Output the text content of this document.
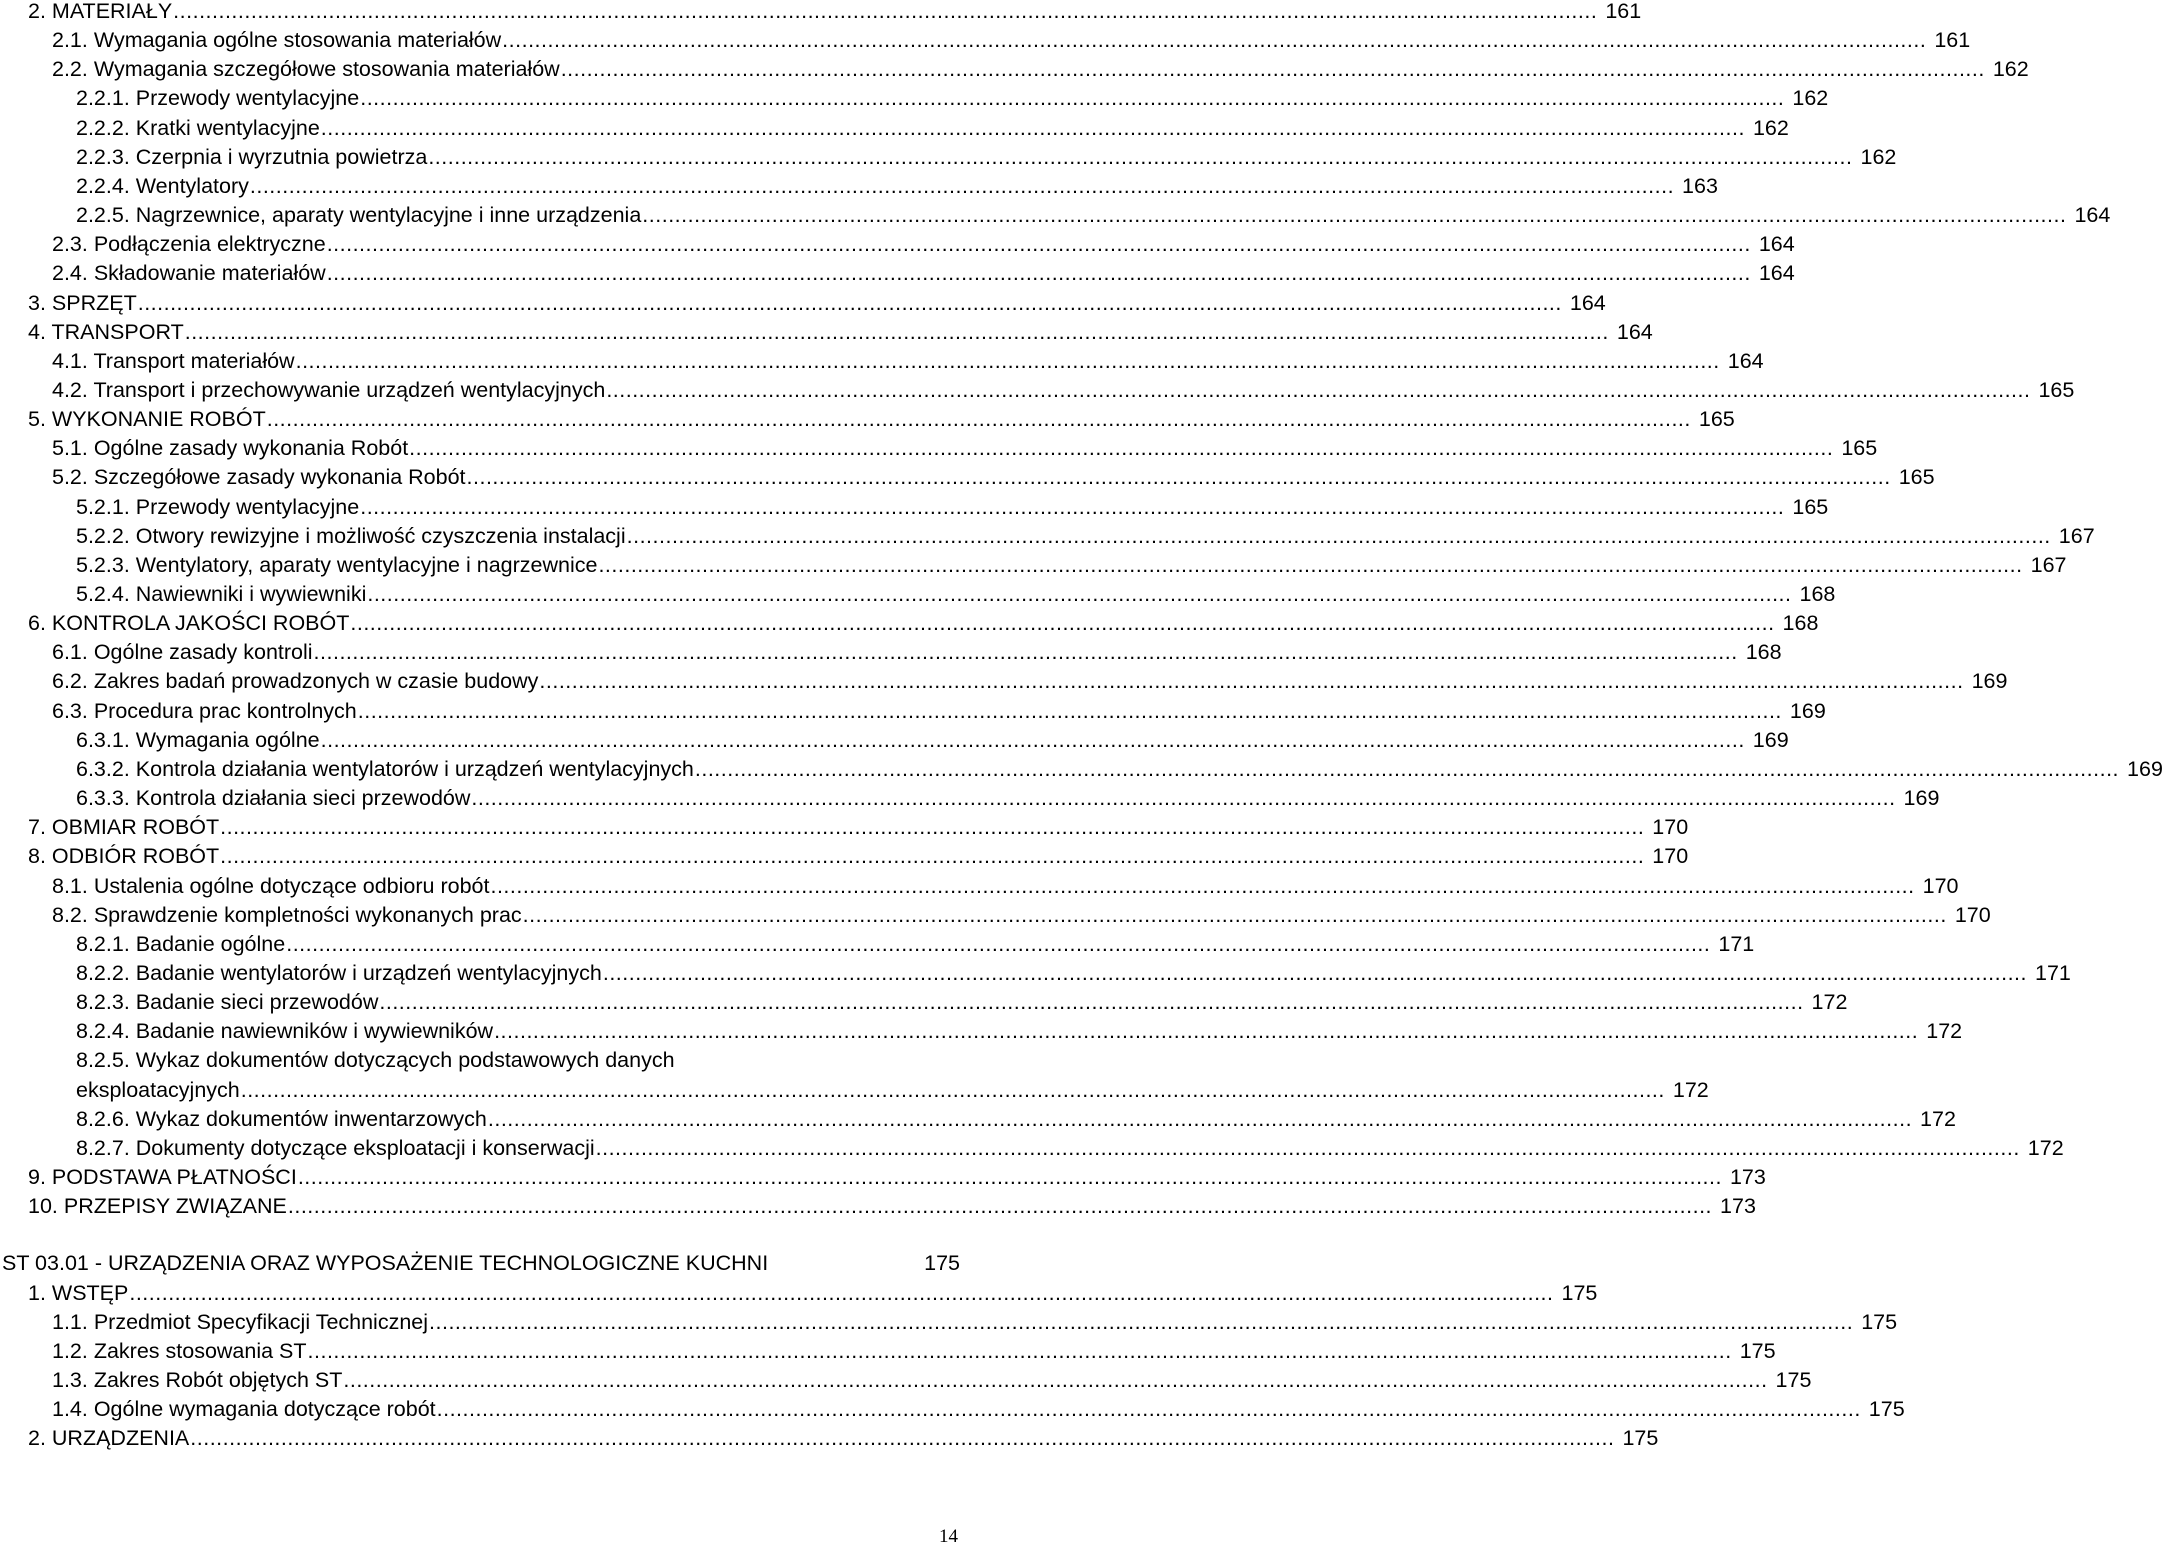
2. MATERIAŁY ............................................................................................................................................................................................................................ 161
2.1. Wymagania ogólne stosowania materiałów ............................................................................................................................................................................................................................ 161
2.2. Wymagania szczegółowe stosowania materiałów ............................................................................................................................................................................................................................ 162
2.2.1. Przewody wentylacyjne ............................................................................................................................................................................................................................ 162
2.2.2. Kratki wentylacyjne ............................................................................................................................................................................................................................ 162
2.2.3. Czerpnia i wyrzutnia powietrza ............................................................................................................................................................................................................................ 162
2.2.4. Wentylatory ............................................................................................................................................................................................................................ 163
2.2.5. Nagrzewnice, aparaty wentylacyjne i inne urządzenia ............................................................................................................................................................................................................................ 164
2.3. Podłączenia elektryczne ............................................................................................................................................................................................................................ 164
2.4. Składowanie materiałów ............................................................................................................................................................................................................................ 164
3. SPRZĘT ............................................................................................................................................................................................................................ 164
4. TRANSPORT ............................................................................................................................................................................................................................ 164
4.1. Transport materiałów ............................................................................................................................................................................................................................ 164
4.2. Transport i przechowywanie urządzeń wentylacyjnych ............................................................................................................................................................................................................................ 165
5. WYKONANIE ROBÓT ............................................................................................................................................................................................................................ 165
5.1. Ogólne zasady wykonania Robót ............................................................................................................................................................................................................................ 165
5.2. Szczegółowe zasady wykonania Robót ............................................................................................................................................................................................................................ 165
5.2.1. Przewody wentylacyjne ............................................................................................................................................................................................................................ 165
5.2.2. Otwory rewizyjne i możliwość czyszczenia instalacji ............................................................................................................................................................................................................................ 167
5.2.3. Wentylatory, aparaty wentylacyjne i nagrzewnice ............................................................................................................................................................................................................................ 167
5.2.4. Nawiewniki i wywiewniki ............................................................................................................................................................................................................................ 168
6. KONTROLA JAKOŚCI ROBÓT ............................................................................................................................................................................................................................ 168
6.1. Ogólne zasady kontroli ............................................................................................................................................................................................................................ 168
6.2. Zakres badań prowadzonych w czasie budowy ............................................................................................................................................................................................................................ 169
6.3. Procedura prac kontrolnych ............................................................................................................................................................................................................................ 169
6.3.1. Wymagania ogólne ............................................................................................................................................................................................................................ 169
6.3.2. Kontrola działania wentylatorów i urządzeń wentylacyjnych ............................................................................................................................................................................................................................ 169
6.3.3. Kontrola działania sieci przewodów ............................................................................................................................................................................................................................ 169
7. OBMIAR ROBÓT ............................................................................................................................................................................................................................ 170
8. ODBIÓR ROBÓT ............................................................................................................................................................................................................................ 170
8.1. Ustalenia ogólne dotyczące odbioru robót ............................................................................................................................................................................................................................ 170
8.2. Sprawdzenie kompletności wykonanych prac ............................................................................................................................................................................................................................ 170
8.2.1. Badanie ogólne ............................................................................................................................................................................................................................ 171
8.2.2. Badanie wentylatorów i urządzeń wentylacyjnych ............................................................................................................................................................................................................................ 171
8.2.3. Badanie sieci przewodów ............................................................................................................................................................................................................................ 172
8.2.4. Badanie nawiewników i wywiewników ............................................................................................................................................................................................................................ 172
8.2.5. Wykaz dokumentów dotyczących podstawowych danych
eksploatacyjnych ............................................................................................................................................................................................................................ 172
8.2.6. Wykaz dokumentów inwentarzowych ............................................................................................................................................................................................................................ 172
8.2.7. Dokumenty dotyczące eksploatacji i konserwacji ............................................................................................................................................................................................................................ 172
9. PODSTAWA PŁATNOŚCI ............................................................................................................................................................................................................................ 173
10. PRZEPISY ZWIĄZANE ............................................................................................................................................................................................................................ 173
ST 03.01 - URZĄDZENIA ORAZ WYPOSAŻENIE TECHNOLOGICZNE KUCHNI	175
1. WSTĘP ............................................................................................................................................................................................................................ 175
1.1. Przedmiot Specyfikacji Technicznej ............................................................................................................................................................................................................................ 175
1.2. Zakres stosowania ST ............................................................................................................................................................................................................................ 175
1.3. Zakres Robót objętych ST ............................................................................................................................................................................................................................ 175
1.4. Ogólne wymagania dotyczące robót ............................................................................................................................................................................................................................ 175
2. URZĄDZENIA ............................................................................................................................................................................................................................ 175
14
